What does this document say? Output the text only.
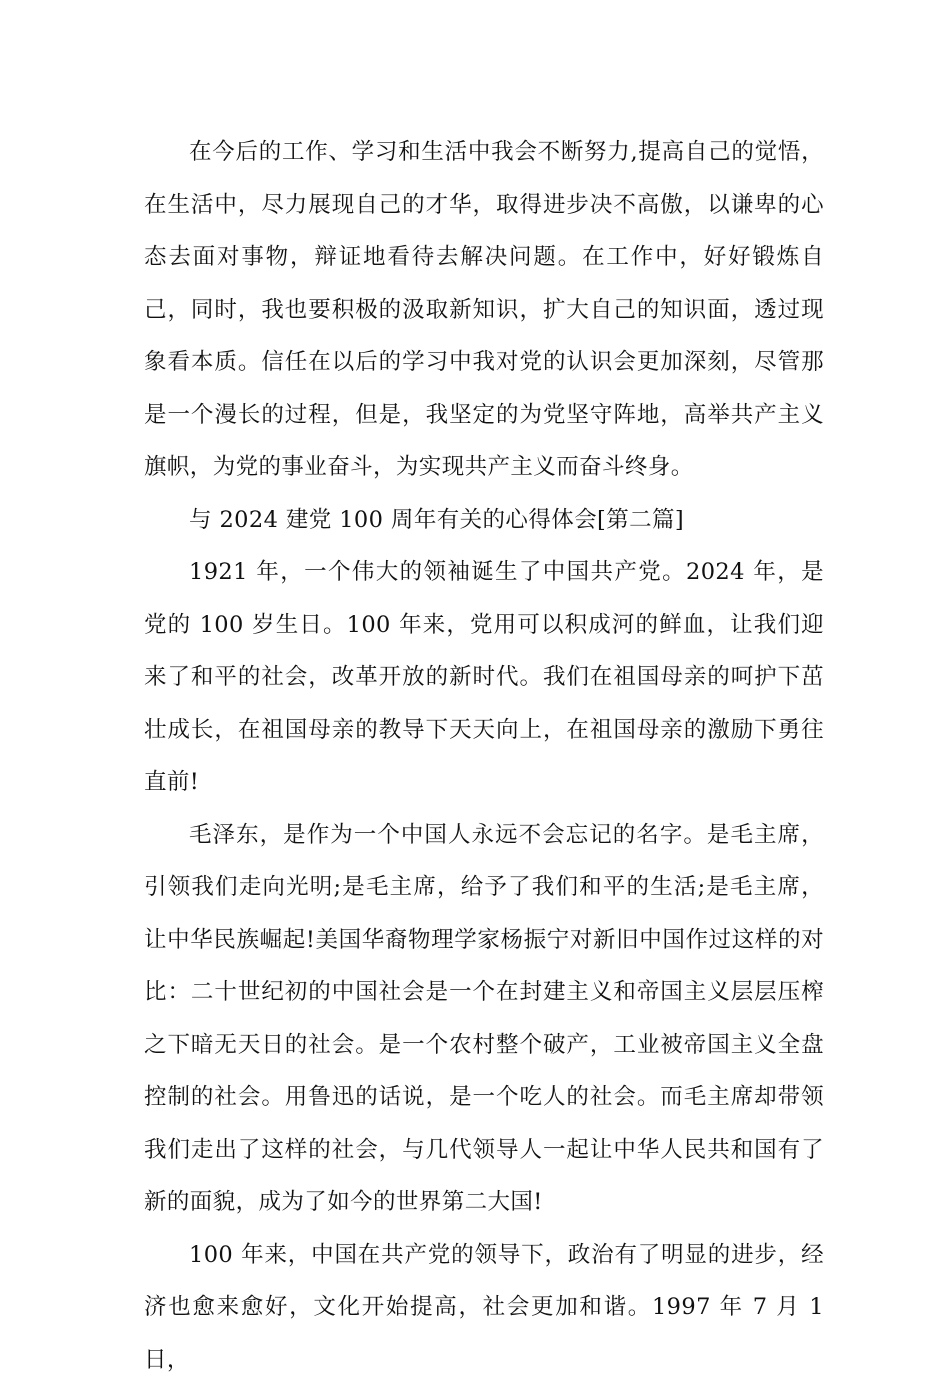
在今后的工作、学习和生活中我会不断努力,提高自己的觉悟，在生活中，尽力展现自己的才华，取得进步决不高傲，以谦卑的心态去面对事物，辩证地看待去解决问题。在工作中，好好锻炼自己，同时，我也要积极的汲取新知识，扩大自己的知识面，透过现象看本质。信任在以后的学习中我对党的认识会更加深刻，尽管那是一个漫长的过程，但是，我坚定的为党坚守阵地，高举共产主义旗帜，为党的事业奋斗，为实现共产主义而奋斗终身。

与 2024 建党 100 周年有关的心得体会[第二篇]

1921 年，一个伟大的领袖诞生了中国共产党。2024 年，是党的 100 岁生日。100 年来，党用可以积成河的鲜血，让我们迎来了和平的社会，改革开放的新时代。我们在祖国母亲的呵护下茁壮成长，在祖国母亲的教导下天天向上，在祖国母亲的激励下勇往直前!

毛泽东，是作为一个中国人永远不会忘记的名字。是毛主席，引领我们走向光明;是毛主席，给予了我们和平的生活;是毛主席，让中华民族崛起!美国华裔物理学家杨振宁对新旧中国作过这样的对比：二十世纪初的中国社会是一个在封建主义和帝国主义层层压榨之下暗无天日的社会。是一个农村整个破产，工业被帝国主义全盘控制的社会。用鲁迅的话说，是一个吃人的社会。而毛主席却带领我们走出了这样的社会，与几代领导人一起让中华人民共和国有了新的面貌，成为了如今的世界第二大国!

100 年来，中国在共产党的领导下，政治有了明显的进步，经济也愈来愈好，文化开始提高，社会更加和谐。1997 年 7 月 1 日，
